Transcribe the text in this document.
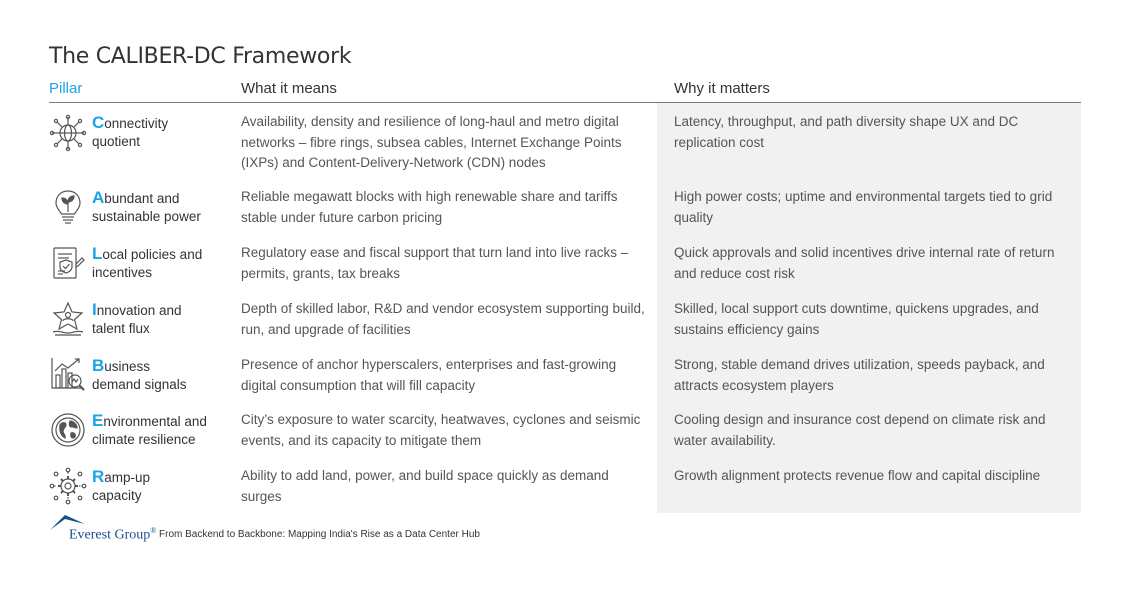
The CALIBER-DC Framework
Pillar	What it means	Why it matters
Connectivity
quotient
Availability, density and resilience of long-haul and metro digital networks – fibre rings, subsea cables, Internet Exchange Points (IXPs) and Content-Delivery-Network (CDN) nodes
Latency, throughput, and path diversity shape UX and DC replication cost
Abundant and
sustainable power
Reliable megawatt blocks with high renewable share and tariffs stable under future carbon pricing
High power costs; uptime and environmental targets tied to grid quality
Local policies and
incentives
Regulatory ease and fiscal support that turn land into live racks – permits, grants, tax breaks
Quick approvals and solid incentives drive internal rate of return and reduce cost risk
Innovation and
talent flux
Depth of skilled labor, R&D and vendor ecosystem supporting build, run, and upgrade of facilities
Skilled, local support cuts downtime, quickens upgrades, and sustains efficiency gains
Business
demand signals
Presence of anchor hyperscalers, enterprises and fast-growing digital consumption that will fill capacity
Strong, stable demand drives utilization, speeds payback, and attracts ecosystem players
Environmental and
climate resilience
City’s exposure to water scarcity, heatwaves, cyclones and seismic events, and its capacity to mitigate them
Cooling design and insurance cost depend on climate risk and water availability.
Ramp-up
capacity
Ability to add land, power, and build space quickly as demand surges
Growth alignment protects revenue flow and capital discipline
Everest Group® From Backend to Backbone: Mapping India's Rise as a Data Center Hub
